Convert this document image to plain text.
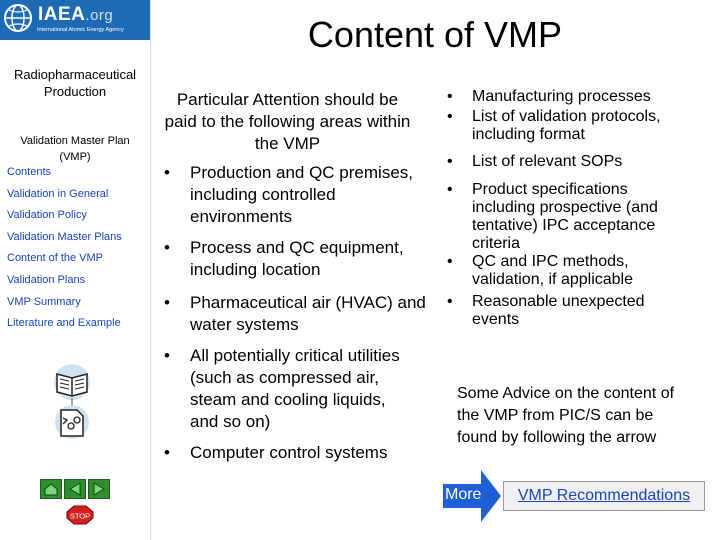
IAEA.org
International Atomic Energy Agency
Radiopharmaceutical Production
Validation Master Plan (VMP)
Contents
Validation in General
Validation Policy
Validation Master Plans
Content of the VMP
Validation Plans
VMP Summary
Literature and Example
STOP
Content of VMP
Particular Attention should be paid to the following areas within the VMP
• Production and QC premises, including controlled environments
• Process and QC equipment, including location
• Pharmaceutical air (HVAC) and water systems
• All potentially critical utilities (such as compressed air, steam and cooling liquids, and so on)
• Computer control systems
• Manufacturing processes
• List of validation protocols, including format
• List of relevant SOPs
• Product specifications including prospective (and tentative) IPC acceptance criteria
• QC and IPC methods, validation, if applicable
• Reasonable unexpected events
Some Advice on the content of the VMP from PIC/S can be found by following the arrow
More	VMP Recommendations
